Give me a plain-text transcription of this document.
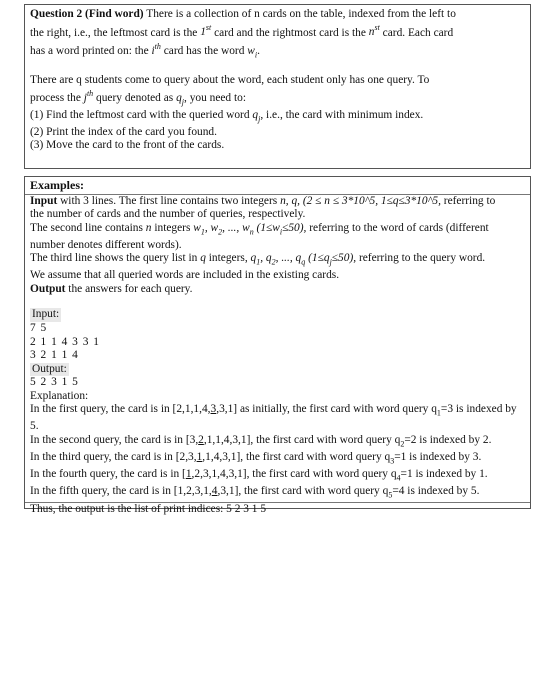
Question 2 (Find word) There is a collection of n cards on the table, indexed from the left to
the right, i.e., the leftmost card is the 1st card and the rightmost card is the $n^{st}$ card. Each card
has a word printed on: the $i^{th}$ card has the word $w_i$.
There are q students come to query about the word, each student only has one query. To
process the $j^{th}$ query denoted as $q_j$, you need to:
(1) Find the leftmost card with the queried word $q_j$, i.e., the card with minimum index.
(2) Print the index of the card you found.
(3) Move the card to the front of the cards.
Examples:
Input with 3 lines. The first line contains two integers n, q, (2 ≤ n ≤ 3*10^5, 1≤q≤3*10^5, referring to
the number of cards and the number of queries, respectively.
The second line contains n integers $w_1$, $w_2$, ..., $w_n$ $(1\le w_i\le 50)$, referring to the word of cards (different
number denotes different words).
The third line shows the query list in q integers, $q_1$, $q_2$, ..., $q_q$ $(1\le q_j\le 50)$, referring to the query word.
We assume that all queried words are included in the existing cards.
Output the answers for each query.
Input:
7 5
2 1 1 4 3 3 1
3 2 1 1 4
Output:
5 2 3 1 5
Explanation:
In the first query, the card is in [2,1,1,4,3,3,1] as initially, the first card with word query $q_1=3$ is indexed by
5.
In the second query, the card is in [3,2,1,1,4,3,1], the first card with word query $q_2=2$ is indexed by 2.
In the third query, the card is in [2,3,1,1,4,3,1], the first card with word query $q_3=1$ is indexed by 3.
In the fourth query, the card is in [1,2,3,1,4,3,1], the first card with word query $q_4=1$ is indexed by 1.
In the fifth query, the card is in [1,2,3,1,4,3,1], the first card with word query $q_5=4$ is indexed by 5.
Thus, the output is the list of print indices: 5 2 3 1 5
